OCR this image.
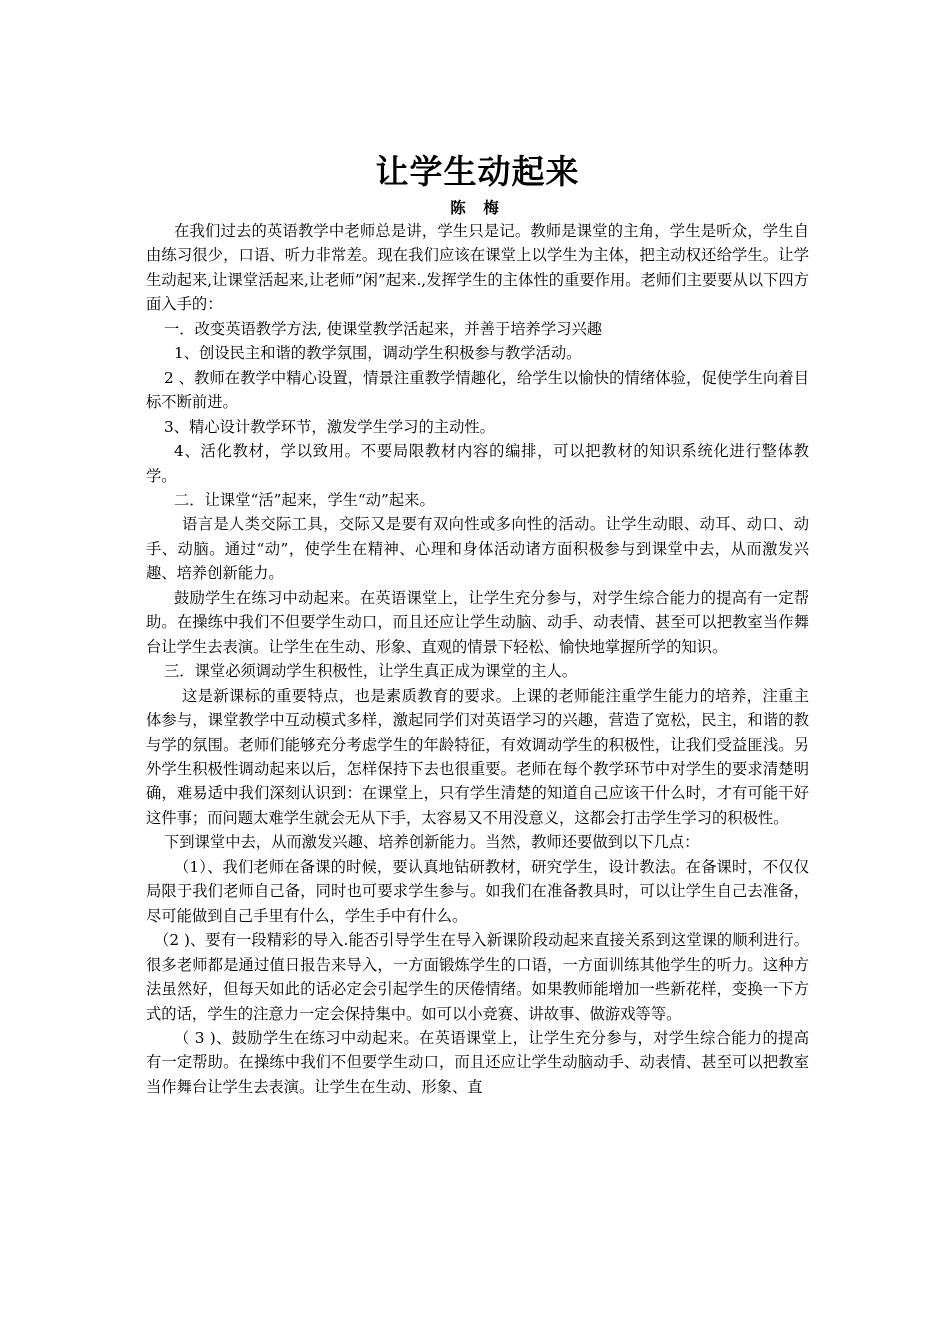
让学生动起来
陈 梅

在我们过去的英语教学中老师总是讲，学生只是记。教师是课堂的主角，学生是听众，学生自由练习很少，口语、听力非常差。现在我们应该在课堂上以学生为主体，把主动权还给学生。让学生动起来,让课堂活起来,让老师”闲”起来.,发挥学生的主体性的重要作用。老师们主要要从以下四方面入手的：

一．改变英语教学方法, 使课堂教学活起来，并善于培养学习兴趣

1、创设民主和谐的教学氛围，调动学生积极参与教学活动。

2 、教师在教学中精心设置，情景注重教学情趣化，给学生以愉快的情绪体验，促使学生向着目标不断前进。

3、精心设计教学环节，激发学生学习的主动性。

4、活化教材，学以致用。不要局限教材内容的编排，可以把教材的知识系统化进行整体教学。

二．让课堂“活”起来，学生“动”起来。

语言是人类交际工具，交际又是要有双向性或多向性的活动。让学生动眼、动耳、动口、动手、动脑。通过“动”，使学生在精神、心理和身体活动诸方面积极参与到课堂中去，从而激发兴趣、培养创新能力。

鼓励学生在练习中动起来。在英语课堂上，让学生充分参与，对学生综合能力的提高有一定帮助。在操练中我们不但要学生动口，而且还应让学生动脑、动手、动表情、甚至可以把教室当作舞台让学生去表演。让学生在生动、形象、直观的情景下轻松、愉快地掌握所学的知识。

三．课堂必须调动学生积极性，让学生真正成为课堂的主人。

这是新课标的重要特点，也是素质教育的要求。上课的老师能注重学生能力的培养，注重主体参与，课堂教学中互动模式多样，激起同学们对英语学习的兴趣，营造了宽松，民主，和谐的教与学的氛围。老师们能够充分考虑学生的年龄特征，有效调动学生的积极性，让我们受益匪浅。另外学生积极性调动起来以后，怎样保持下去也很重要。老师在每个教学环节中对学生的要求清楚明确，难易适中我们深刻认识到：在课堂上，只有学生清楚的知道自己应该干什么时，才有可能干好这件事；而问题太难学生就会无从下手，太容易又不用没意义，这都会打击学生学习的积极性。

下到课堂中去，从而激发兴趣、培养创新能力。当然，教师还要做到以下几点：

（1）、我们老师在备课的时候，要认真地钻研教材，研究学生，设计教法。在备课时，不仅仅局限于我们老师自己备，同时也可要求学生参与。如我们在准备教具时，可以让学生自己去准备，尽可能做到自己手里有什么，学生手中有什么。

（2 )、要有一段精彩的导入.能否引导学生在导入新课阶段动起来直接关系到这堂课的顺利进行。很多老师都是通过值日报告来导入，一方面锻炼学生的口语，一方面训练其他学生的听力。这种方法虽然好，但每天如此的话必定会引起学生的厌倦情绪。如果教师能增加一些新花样，变换一下方式的话，学生的注意力一定会保持集中。如可以小竞赛、讲故事、做游戏等等。

（ 3 )、鼓励学生在练习中动起来。在英语课堂上，让学生充分参与，对学生综合能力的提高有一定帮助。在操练中我们不但要学生动口，而且还应让学生动脑动手、动表情、甚至可以把教室当作舞台让学生去表演。让学生在生动、形象、直
